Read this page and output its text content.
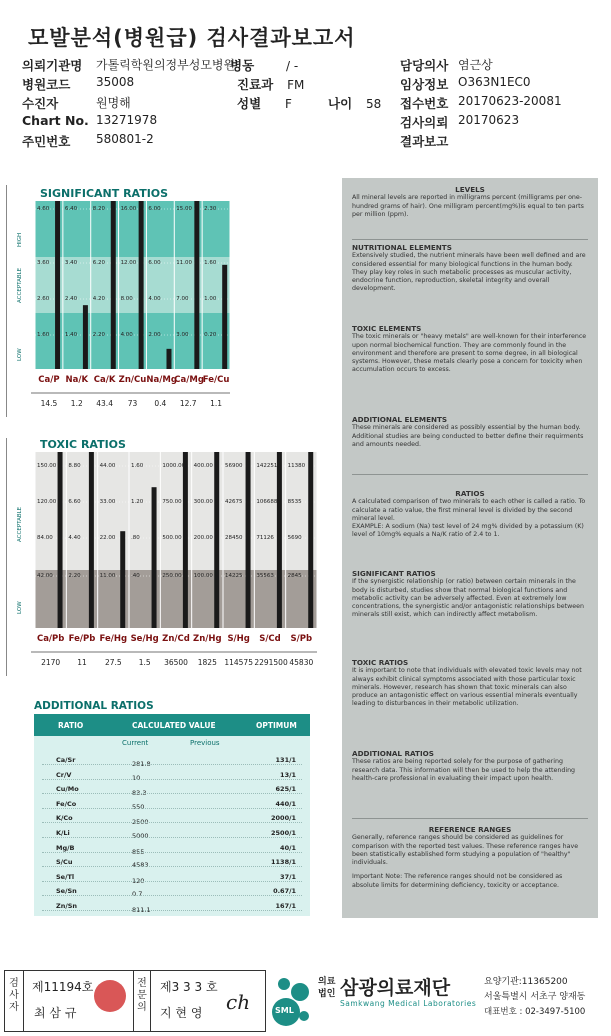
모발분석(병원급) 검사결과보고서
의뢰기관명 가톨릭학원의정부성모병원
병원코드 35008
수진자	원명해
Chart No. 13271978
주민번호 580801-2
병동	/ -
진료과 FM
성별 F	나이 58
담당의사 염근상
임상정보 O363N1EC0
접수번호 20170623-20081
검사의뢰 20170623
결과보고
SIGNIFICANT RATIOS
HIGH
ACCEPTABLE
LOW
4.60
3.60
2.60
1.60
Ca/P
14.5
6.40
3.40
2.40
1.40
Na/K
1.2
8.20
6.20
4.20
2.20
Ca/K
43.4
16.00
12.00
8.00
4.00
Zn/Cu
73
6.00
6.00
4.00
2.00
Na/Mg
0.4
15.00
11.00
7.00
3.00
Ca/Mg
12.7
2.30
1.60
1.00
0.20
Fe/Cu
1.1
TOXIC RATIOS
ACCEPTABLE
LOW
150.00
120.00
84.00
42.00
Ca/Pb
2170
8.80
6.60
4.40
2.20
Fe/Pb
11
44.00
33.00
22.00
11.00
Fe/Hg
27.5
1.60
1.20
.80
.40
Se/Hg
1.5
1000.00
750.00
500.00
250.00
Zn/Cd
36500
400.00
300.00
200.00
100.00
Zn/Hg
1825
56900
42675
28450
14225
S/Hg
114575
142251
106688
71126
35563
S/Cd
2291500
11380
8535
5690
2845
S/Pb
45830
ADDITIONAL RATIOS
RATIO	CALCULATED VALUE	OPTIMUM
Current	Previous
Ca/Sr	281.8	131/1
Cr/V	10	13/1
Cu/Mo	83.3	625/1
Fe/Co	550	440/1
K/Co	2500	2000/1
K/Li	5000	2500/1
Mg/B	855	40/1
S/Cu	4583	1138/1
Se/Tl	120	37/1
Se/Sn	0.7	0.67/1
Zn/Sn	811.1	167/1
LEVELS

All mineral levels are reported in milligrams percent (milligrams per one-hundred grams of hair). One milligram percent(mg%)is equal to ten parts per million (ppm).

NUTRITIONAL ELEMENTS

Extensively studied, the nutrient minerals have been well defined and are considered essential for many biological functions in the human body. They play key roles in such metabolic processes as muscular activity, endocrine function, reproduction, skeletal integrity and overall development.

TOXIC ELEMENTS

The toxic minerals or "heavy metals" are well-known for their interference upon normal biochemical function. They are commonly found in the environment and therefore are present to some degree, in all biological systems. However, these metals clearly pose a concern for toxicity when accumulation occurs to excess.

ADDITIONAL ELEMENTS

These minerals are considered as possibly essential by the human body. Additional studies are being conducted to better define their requirments and amounts needed.

RATIOS

A calculated comparison of two minerals to each other is called a ratio. To calculate a ratio value, the first mineral level is divided by the second mineral level.

EXAMPLE: A sodium (Na) test level of 24 mg% divided by a potassium (K) level of 10mg% equals a Na/K ratio of 2.4 to 1.

SIGNIFICANT RATIOS

If the synergistic relationship (or ratio) between certain minerals in the body is disturbed, studies show that normal biological functions and metabolic activity can be adversely affected. Even at extremely low concentrations, the synergistic and/or antagonistic relationships between minerals still exist, which can indirectly affect metabolism.

TOXIC RATIOS

It is important to note that individuals with elevated toxic levels may not always exhibit clinical symptoms associated with those particular toxic minerals. However, research has shown that toxic minerals can also produce an antagonistic effect on various essential minerals eventually leading to disturbances in their metabolic utilization.

ADDITIONAL RATIOS

These ratios are being reported solely for the purpose of gathering research data. This information will then be used to help the attending health-care professional in evaluating their impact upon health.

REFERENCE RANGES

Generally, reference ranges should be considered as guidelines for comparison with the reported test values. These reference ranges have been statistically established form studying a population of "healthy" individuals.

Important Note: The reference ranges should not be considered as absolute limits for determining deficiency, toxicity or acceptance.

검사자
제11194호
최 삼 규
전문의
제3 3 3 호
지 현 영 ch	SML
의료
법인 삼광의료재단
Samkwang Medical Laboratories
요양기관:11365200
서울특별시 서초구 양재동
대표번호 : 02-3497-5100
